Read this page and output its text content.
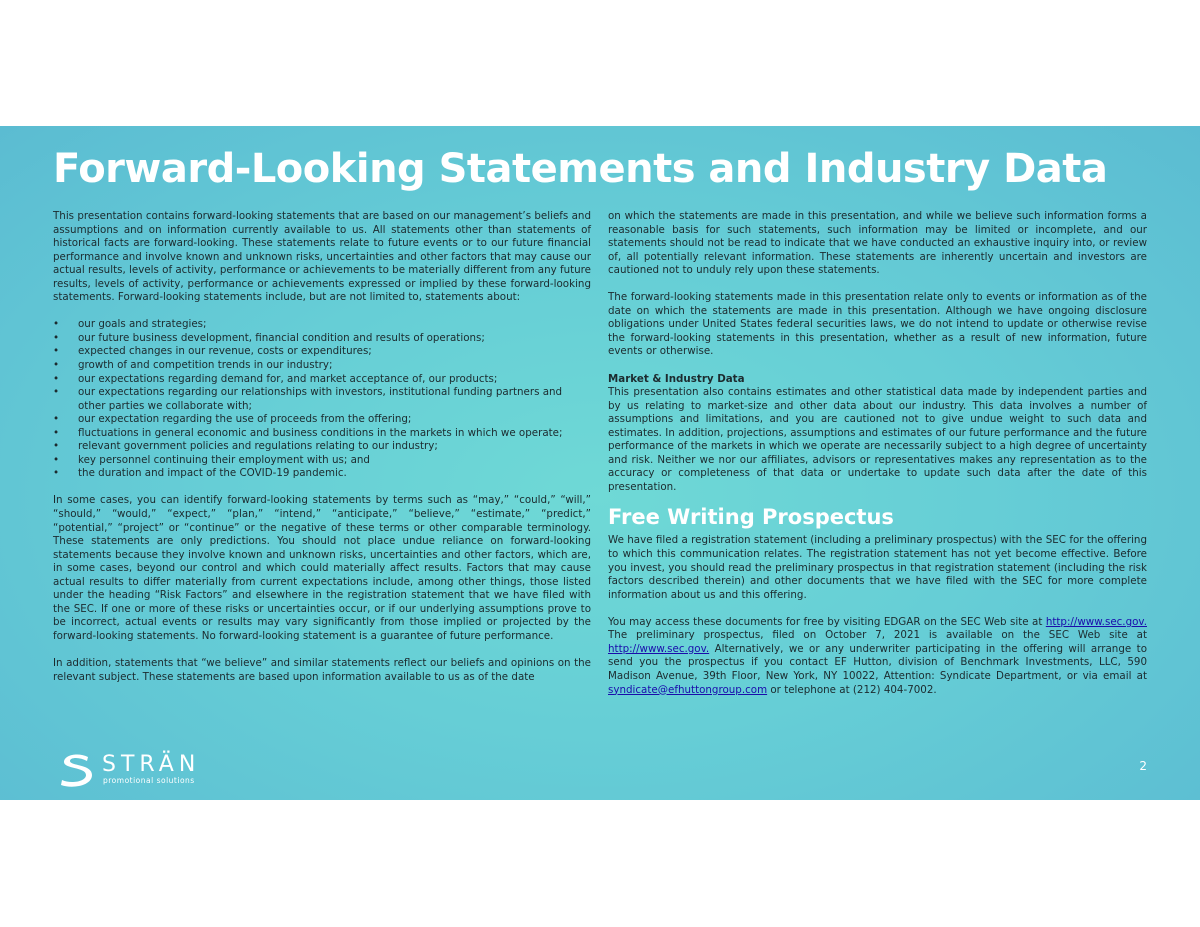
Forward-Looking Statements and Industry Data

This presentation contains forward-looking statements that are based on our management’s beliefs and assumptions and on information currently available to us. All statements other than statements of historical facts are forward-looking. These statements relate to future events or to our future financial performance and involve known and unknown risks, uncertainties and other factors that may cause our actual results, levels of activity, performance or achievements to be materially different from any future results, levels of activity, performance or achievements expressed or implied by these forward-looking statements. Forward-looking statements include, but are not limited to, statements about:

• our goals and strategies;
• our future business development, financial condition and results of operations;
• expected changes in our revenue, costs or expenditures;
• growth of and competition trends in our industry;
• our expectations regarding demand for, and market acceptance of, our products;
• our expectations regarding our relationships with investors, institutional funding partners and other parties we collaborate with;
• our expectation regarding the use of proceeds from the offering;
• fluctuations in general economic and business conditions in the markets in which we operate;
• relevant government policies and regulations relating to our industry;
• key personnel continuing their employment with us; and
• the duration and impact of the COVID-19 pandemic.

In some cases, you can identify forward-looking statements by terms such as “may,” “could,” “will,” “should,” “would,” “expect,” “plan,” “intend,” “anticipate,” “believe,” “estimate,” “predict,” “potential,” “project” or “continue” or the negative of these terms or other comparable terminology. These statements are only predictions. You should not place undue reliance on forward-looking statements because they involve known and unknown risks, uncertainties and other factors, which are, in some cases, beyond our control and which could materially affect results. Factors that may cause actual results to differ materially from current expectations include, among other things, those listed under the heading “Risk Factors” and elsewhere in the registration statement that we have filed with the SEC. If one or more of these risks or uncertainties occur, or if our underlying assumptions prove to be incorrect, actual events or results may vary significantly from those implied or projected by the forward-looking statements. No forward-looking statement is a guarantee of future performance.

In addition, statements that “we believe” and similar statements reflect our beliefs and opinions on the relevant subject. These statements are based upon information available to us as of the date

on which the statements are made in this presentation, and while we believe such information forms a reasonable basis for such statements, such information may be limited or incomplete, and our statements should not be read to indicate that we have conducted an exhaustive inquiry into, or review of, all potentially relevant information. These statements are inherently uncertain and investors are cautioned not to unduly rely upon these statements.

The forward-looking statements made in this presentation relate only to events or information as of the date on which the statements are made in this presentation. Although we have ongoing disclosure obligations under United States federal securities laws, we do not intend to update or otherwise revise the forward-looking statements in this presentation, whether as a result of new information, future events or otherwise.

Market & Industry Data

This presentation also contains estimates and other statistical data made by independent parties and by us relating to market-size and other data about our industry. This data involves a number of assumptions and limitations, and you are cautioned not to give undue weight to such data and estimates. In addition, projections, assumptions and estimates of our future performance and the future performance of the markets in which we operate are necessarily subject to a high degree of uncertainty and risk. Neither we nor our affiliates, advisors or representatives makes any representation as to the accuracy or completeness of that data or undertake to update such data after the date of this presentation.

Free Writing Prospectus

We have filed a registration statement (including a preliminary prospectus) with the SEC for the offering to which this communication relates. The registration statement has not yet become effective. Before you invest, you should read the preliminary prospectus in that registration statement (including the risk factors described therein) and other documents that we have filed with the SEC for more complete information about us and this offering.

You may access these documents for free by visiting EDGAR on the SEC Web site at http://www.sec.gov. The preliminary prospectus, filed on October 7, 2021 is available on the SEC Web site at http://www.sec.gov. Alternatively, we or any underwriter participating in the offering will arrange to send you the prospectus if you contact EF Hutton, division of Benchmark Investments, LLC, 590 Madison Avenue, 39th Floor, New York, NY 10022, Attention: Syndicate Department, or via email at syndicate@efhuttongroup.com or telephone at (212) 404-7002.

STRÄN
promotional solutions
2
